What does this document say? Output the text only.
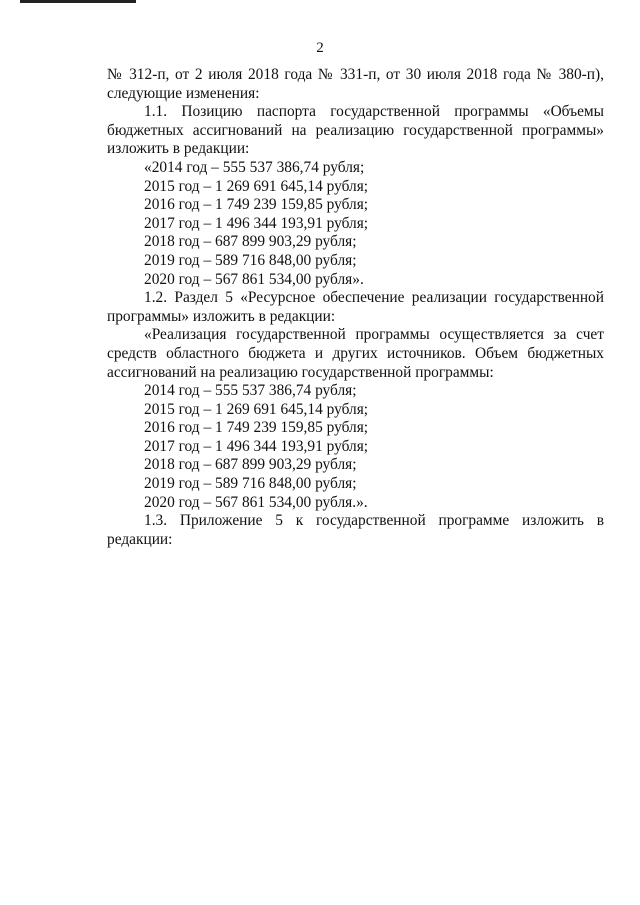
2
№ 312-п, от 2 июля 2018 года № 331-п, от 30 июля 2018 года № 380-п), следующие изменения:
1.1. Позицию паспорта государственной программы «Объемы бюджетных ассигнований на реализацию государственной программы» изложить в редакции:
«2014 год – 555 537 386,74 рубля;
2015 год – 1 269 691 645,14 рубля;
2016 год – 1 749 239 159,85 рубля;
2017 год – 1 496 344 193,91 рубля;
2018 год – 687 899 903,29 рубля;
2019 год – 589 716 848,00 рубля;
2020 год – 567 861 534,00 рубля».
1.2. Раздел 5 «Ресурсное обеспечение реализации государственной программы» изложить в редакции:
«Реализация государственной программы осуществляется за счет средств областного бюджета и других источников. Объем бюджетных ассигнований на реализацию государственной программы:
2014 год – 555 537 386,74 рубля;
2015 год – 1 269 691 645,14 рубля;
2016 год – 1 749 239 159,85 рубля;
2017 год – 1 496 344 193,91 рубля;
2018 год – 687 899 903,29 рубля;
2019 год – 589 716 848,00 рубля;
2020 год – 567 861 534,00 рубля.».
1.3. Приложение 5 к государственной программе изложить в редакции:
